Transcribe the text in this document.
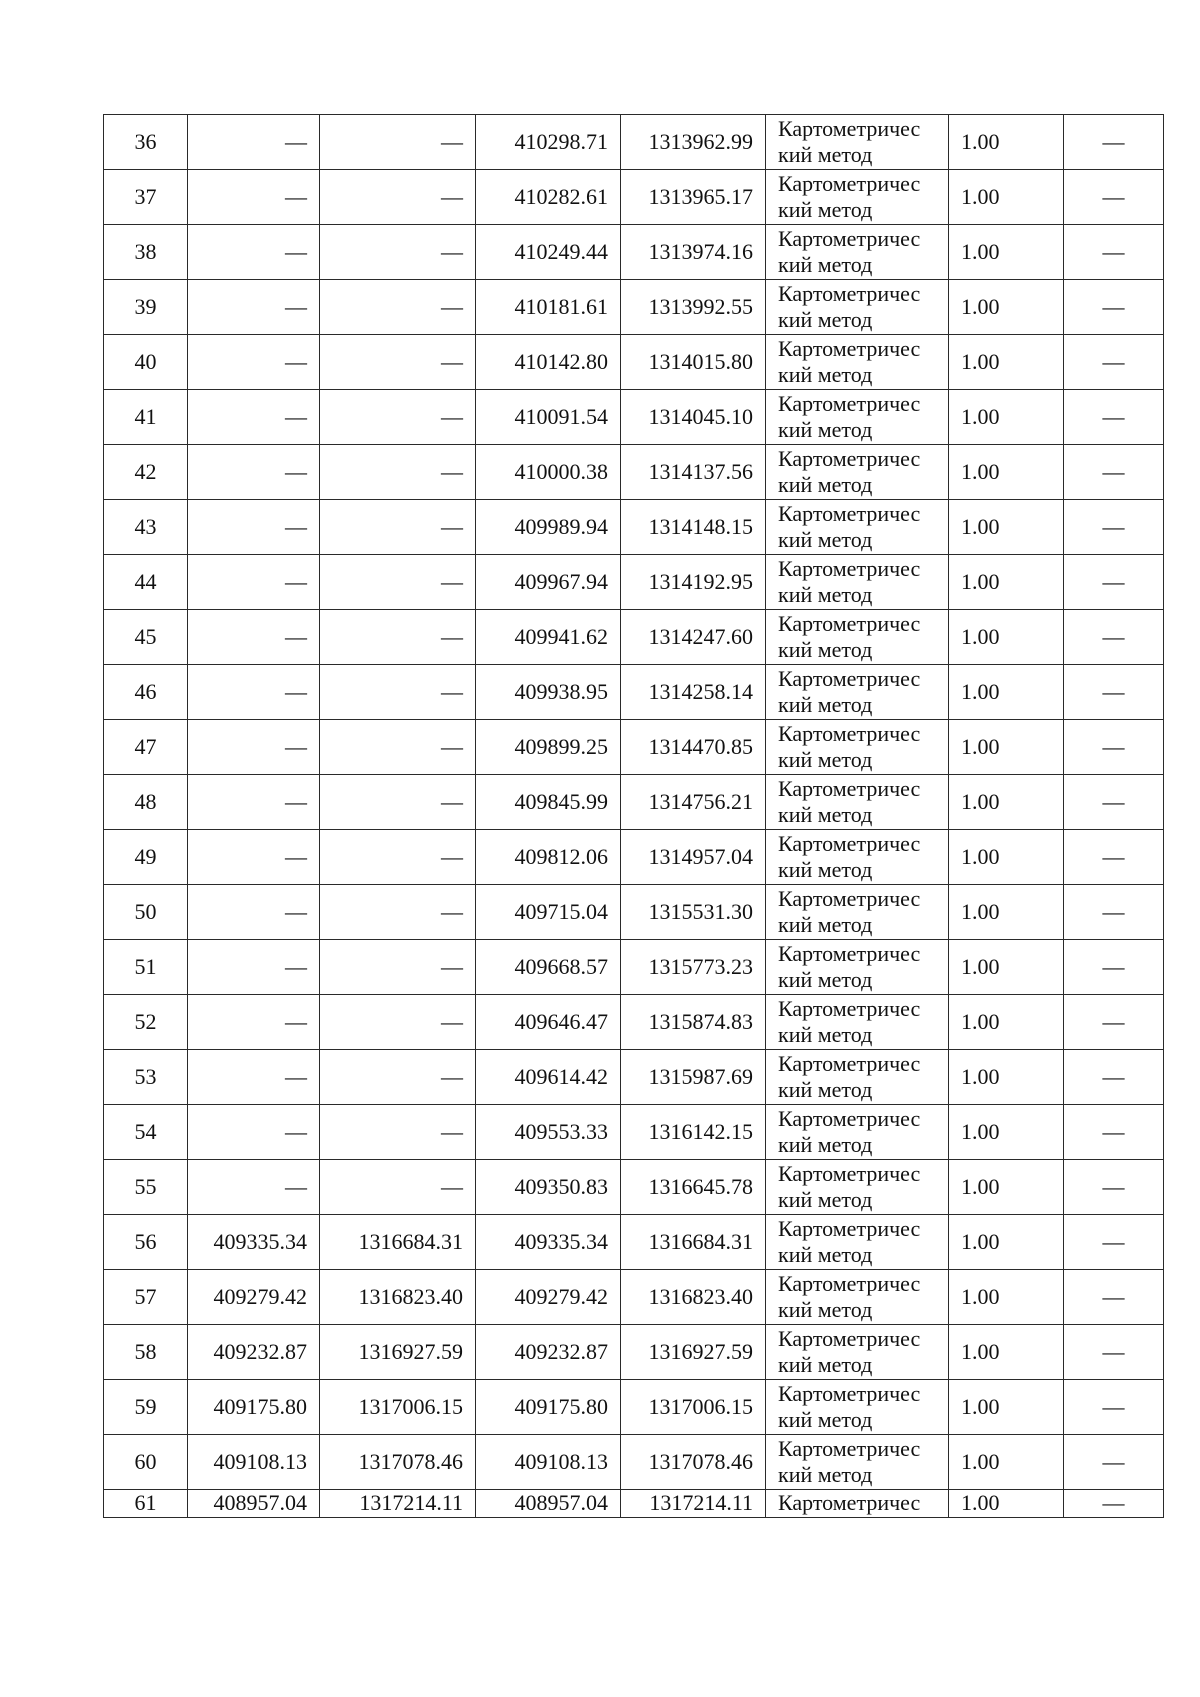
36	—	—	410298.71	1313962.99	Картометричес
кий метод	1.00	—
37	—	—	410282.61	1313965.17	Картометричес
кий метод	1.00	—
38	—	—	410249.44	1313974.16	Картометричес
кий метод	1.00	—
39	—	—	410181.61	1313992.55	Картометричес
кий метод	1.00	—
40	—	—	410142.80	1314015.80	Картометричес
кий метод	1.00	—
41	—	—	410091.54	1314045.10	Картометричес
кий метод	1.00	—
42	—	—	410000.38	1314137.56	Картометричес
кий метод	1.00	—
43	—	—	409989.94	1314148.15	Картометричес
кий метод	1.00	—
44	—	—	409967.94	1314192.95	Картометричес
кий метод	1.00	—
45	—	—	409941.62	1314247.60	Картометричес
кий метод	1.00	—
46	—	—	409938.95	1314258.14	Картометричес
кий метод	1.00	—
47	—	—	409899.25	1314470.85	Картометричес
кий метод	1.00	—
48	—	—	409845.99	1314756.21	Картометричес
кий метод	1.00	—
49	—	—	409812.06	1314957.04	Картометричес
кий метод	1.00	—
50	—	—	409715.04	1315531.30	Картометричес
кий метод	1.00	—
51	—	—	409668.57	1315773.23	Картометричес
кий метод	1.00	—
52	—	—	409646.47	1315874.83	Картометричес
кий метод	1.00	—
53	—	—	409614.42	1315987.69	Картометричес
кий метод	1.00	—
54	—	—	409553.33	1316142.15	Картометричес
кий метод	1.00	—
55	—	—	409350.83	1316645.78	Картометричес
кий метод	1.00	—
56	409335.34	1316684.31	409335.34	1316684.31	Картометричес
кий метод	1.00	—
57	409279.42	1316823.40	409279.42	1316823.40	Картометричес
кий метод	1.00	—
58	409232.87	1316927.59	409232.87	1316927.59	Картометричес
кий метод	1.00	—
59	409175.80	1317006.15	409175.80	1317006.15	Картометричес
кий метод	1.00	—
60	409108.13	1317078.46	409108.13	1317078.46	Картометричес
кий метод	1.00	—
61	408957.04	1317214.11	408957.04	1317214.11	Картометричес	1.00	—
